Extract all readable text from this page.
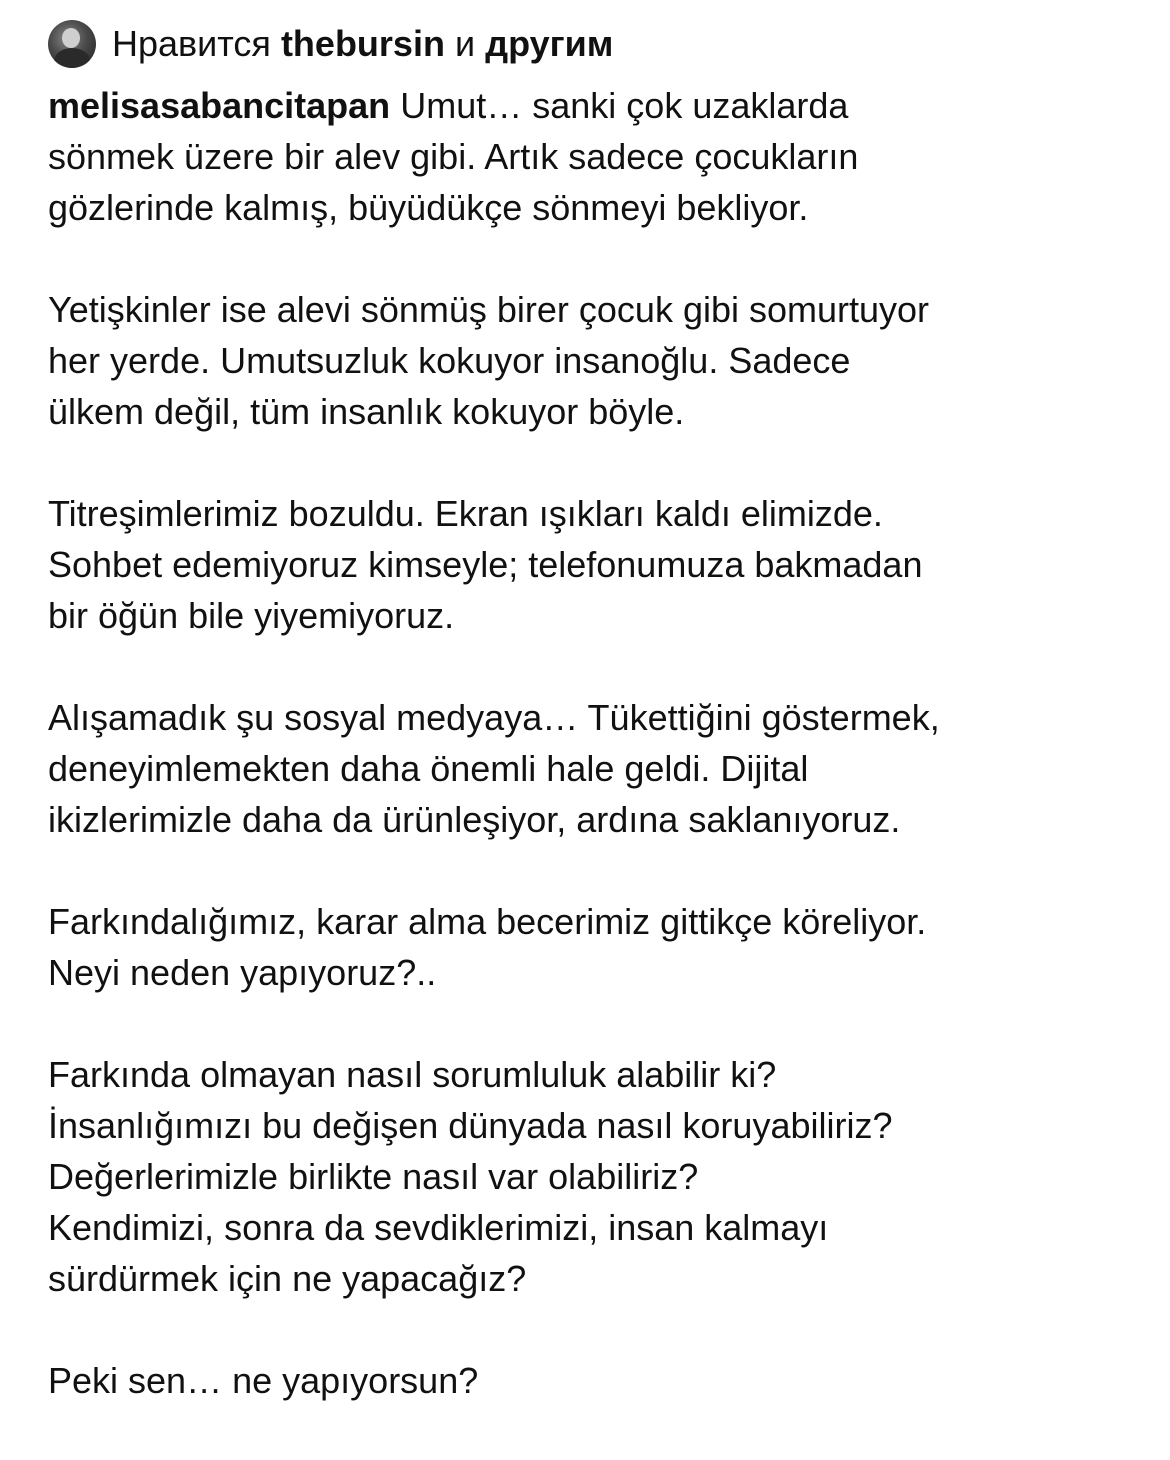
Нравится thebursin и другим
melisasabancitapan Umut… sanki çok uzaklarda
sönmek üzere bir alev gibi. Artık sadece çocukların
gözlerinde kalmış, büyüdükçe sönmeyi bekliyor.
Yetişkinler ise alevi sönmüş birer çocuk gibi somurtuyor
her yerde. Umutsuzluk kokuyor insanoğlu. Sadece
ülkem değil, tüm insanlık kokuyor böyle.
Titreşimlerimiz bozuldu. Ekran ışıkları kaldı elimizde.
Sohbet edemiyoruz kimseyle; telefonumuza bakmadan
bir öğün bile yiyemiyoruz.
Alışamadık şu sosyal medyaya… Tükettiğini göstermek,
deneyimlemekten daha önemli hale geldi. Dijital
ikizlerimizle daha da ürünleşiyor, ardına saklanıyoruz.
Farkındalığımız, karar alma becerimiz gittikçe köreliyor.
Neyi neden yapıyoruz?..
Farkında olmayan nasıl sorumluluk alabilir ki?
İnsanlığımızı bu değişen dünyada nasıl koruyabiliriz?
Değerlerimizle birlikte nasıl var olabiliriz?
Kendimizi, sonra da sevdiklerimizi, insan kalmayı
sürdürmek için ne yapacağız?
Peki sen… ne yapıyorsun?
